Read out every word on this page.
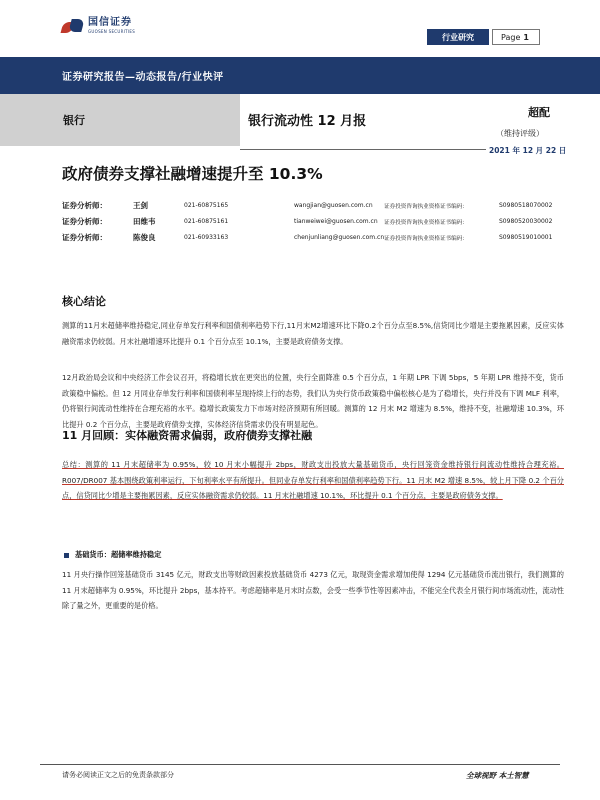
国信证券
GUOSEN SECURITIES
行业研究	Page 1
证券研究报告—动态报告/行业快评
银行	银行流动性 12 月报
超配
（维持评级）
2021 年 12 月 22 日
政府债券支撑社融增速提升至 10.3%
证券分析师：	王剑	021-60875165	wangjian@guosen.com.cn 证券投资咨询执业资格证书编码：	S0980518070002
证券分析师：	田维韦	021-60875161	tianweiwei@guosen.com.cn 证券投资咨询执业资格证书编码：	S0980520030002
证券分析师：	陈俊良	021-60933163	chenjunliang@guosen.com.cn 证券投资咨询执业资格证书编码：	S0980519010001
核心结论
测算的11月末超储率维持稳定,同业存单发行利率和国债利率趋势下行,11月末M2增速环比下降0.2个百分点至8.5%,信贷同比少增是主要拖累因素，反应实体融资需求仍较弱。月末社融增速环比提升 0.1 个百分点至 10.1%，主要是政府债务支撑。
12月政治局会议和中央经济工作会议召开，将稳增长放在更突出的位置，央行全面降准 0.5 个百分点，1 年期 LPR 下调 5bps，5 年期 LPR 维持不变，货币政策稳中偏松。但 12 月同业存单发行利率和国债利率呈现持续上行的态势，我们认为央行货币政策稳中偏松核心是为了稳增长，央行并没有下调 MLF 利率，仍将银行间流动性维持在合理充裕的水平。稳增长政策发力下市场对经济预期有所回暖。测算的 12 月末 M2 增速为 8.5%，维持不变，社融增速 10.3%，环比提升 0.2 个百分点，主要是政府债券支撑，实体经济信贷需求仍没有明显起色。
11 月回顾：实体融资需求偏弱，政府债券支撑社融
总结：测算的 11 月末超储率为 0.95%，较 10 月末小幅提升 2bps，财政支出投放大量基础货币，央行回笼资金维持银行间流动性维持合理充裕。R007/DR007 基本围绕政策利率运行，下旬利率水平有所提升。但同业存单发行利率和国债利率趋势下行。11 月末 M2 增速 8.5%，较上月下降 0.2 个百分点，信贷同比少增是主要拖累因素，反应实体融资需求仍较弱。11 月末社融增速 10.1%，环比提升 0.1 个百分点，主要是政府债务支撑。
基础货币：超储率维持稳定
11 月央行操作回笼基础货币 3145 亿元，财政支出等财政因素投放基础货币 4273 亿元，取现资金需求增加使得 1294 亿元基础货币流出银行，我们测算的 11 月末超储率为 0.95%，环比提升 2bps，基本持平。考虑超储率是月末时点数，会受一些季节性等因素冲击，不能完全代表全月银行间市场流动性，流动性除了量之外，更重要的是价格。
请务必阅读正文之后的免责条款部分	全球视野 本土智慧
